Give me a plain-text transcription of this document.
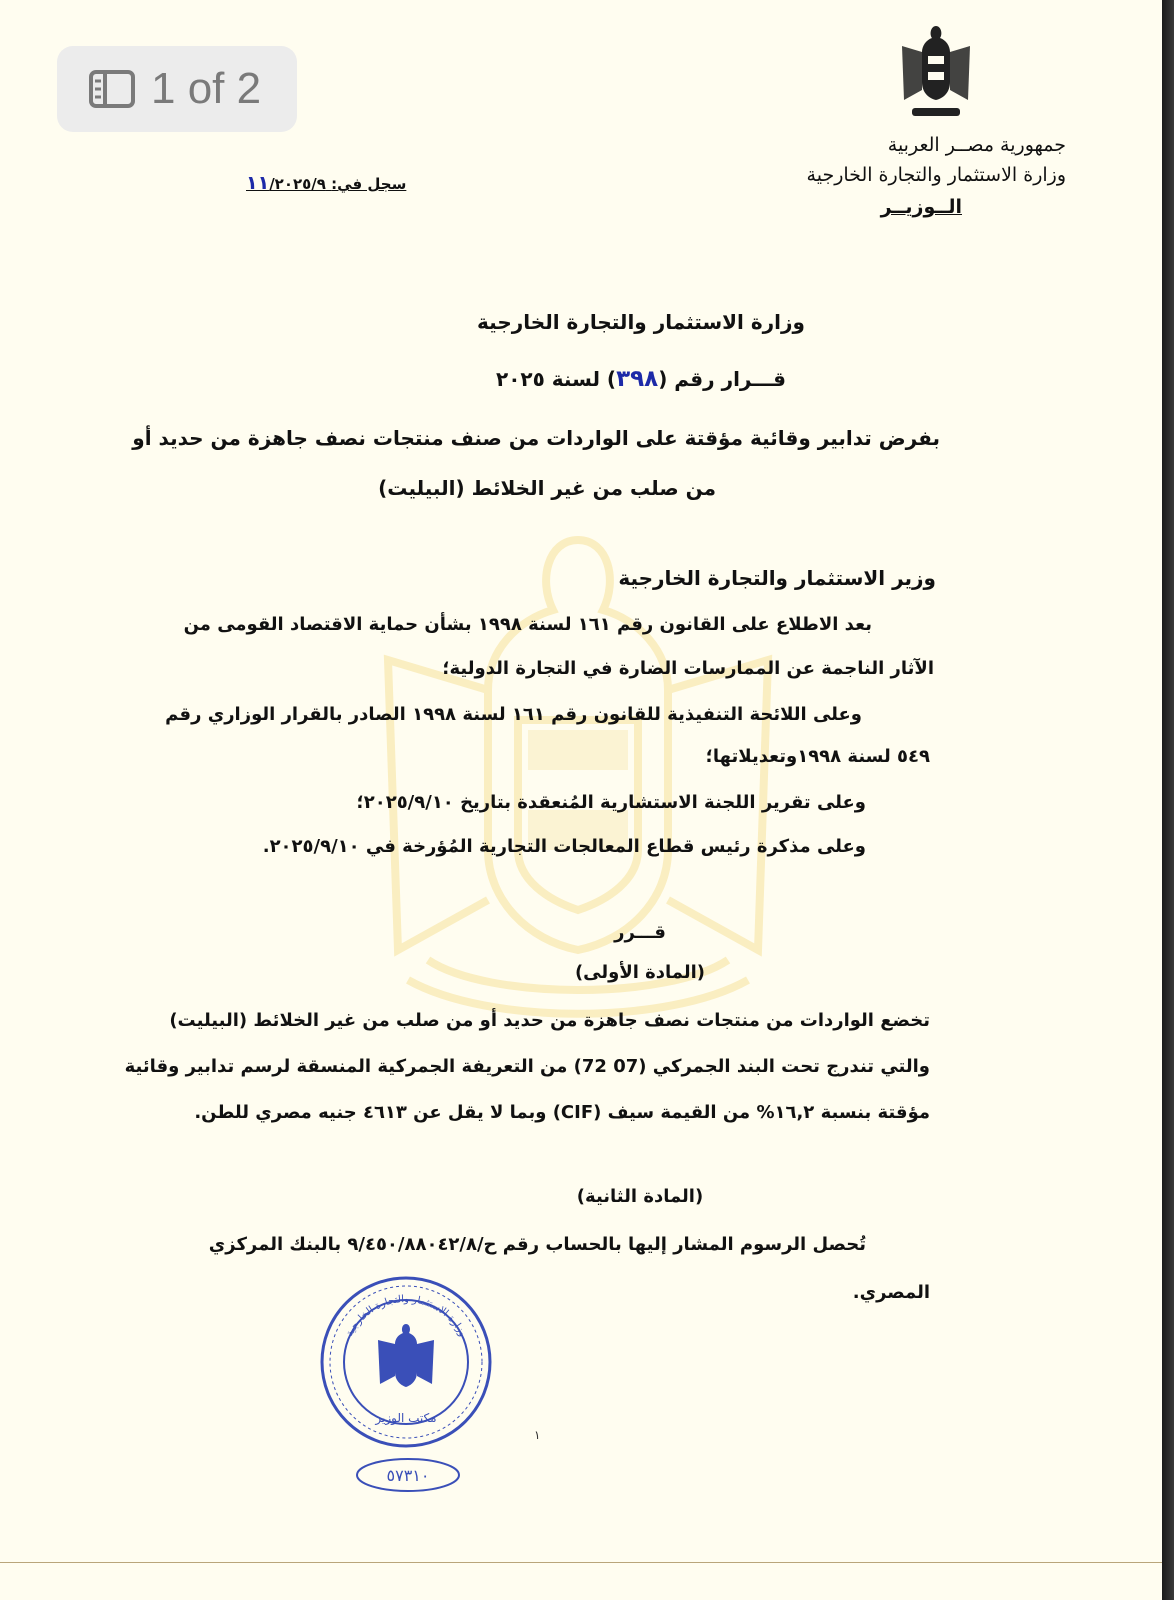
1 of 2
جمهورية مصــر العربية
وزارة الاستثمار والتجارة الخارجية
الــوزيــر
سجل في: ١١/٢٠٢٥/٩
وزارة الاستثمار والتجارة الخارجية
قـــرار رقم (٣٩٨) لسنة ٢٠٢٥
بفرض تدابير وقائية مؤقتة على الواردات من صنف منتجات نصف جاهزة من حديد أو
من صلب من غير الخلائط (البيليت)
وزير الاستثمار والتجارة الخارجية
بعد الاطلاع على القانون رقم ١٦١ لسنة ١٩٩٨ بشأن حماية الاقتصاد القومى من
الآثار الناجمة عن الممارسات الضارة في التجارة الدولية؛
وعلى اللائحة التنفيذية للقانون رقم ١٦١ لسنة ١٩٩٨ الصادر بالقرار الوزاري رقم
٥٤٩ لسنة ١٩٩٨وتعديلاتها؛
وعلى تقرير اللجنة الاستشارية المُنعقدة بتاريخ ٢٠٢٥/٩/١٠؛
وعلى مذكرة رئيس قطاع المعالجات التجارية المُؤرخة في ٢٠٢٥/٩/١٠.
قـــرر
(المادة الأولى)
تخضع الواردات من منتجات نصف جاهزة من حديد أو من صلب من غير الخلائط (البيليت)
والتي تندرج تحت البند الجمركي (07 72) من التعريفة الجمركية المنسقة لرسم تدابير وقائية
مؤقتة بنسبة ١٦,٢% من القيمة سيف (CIF) وبما لا يقل عن ٤٦١٣ جنيه مصري للطن.
(المادة الثانية)
تُحصل الرسوم المشار إليها بالحساب رقم ح/٩/٤٥٠/٨٨٠٤٢/٨ بالبنك المركزي
المصري.
وزارة الاستثمار والتجارة الخارجية
مكتب الوزير
٥٧٣١٠
١
